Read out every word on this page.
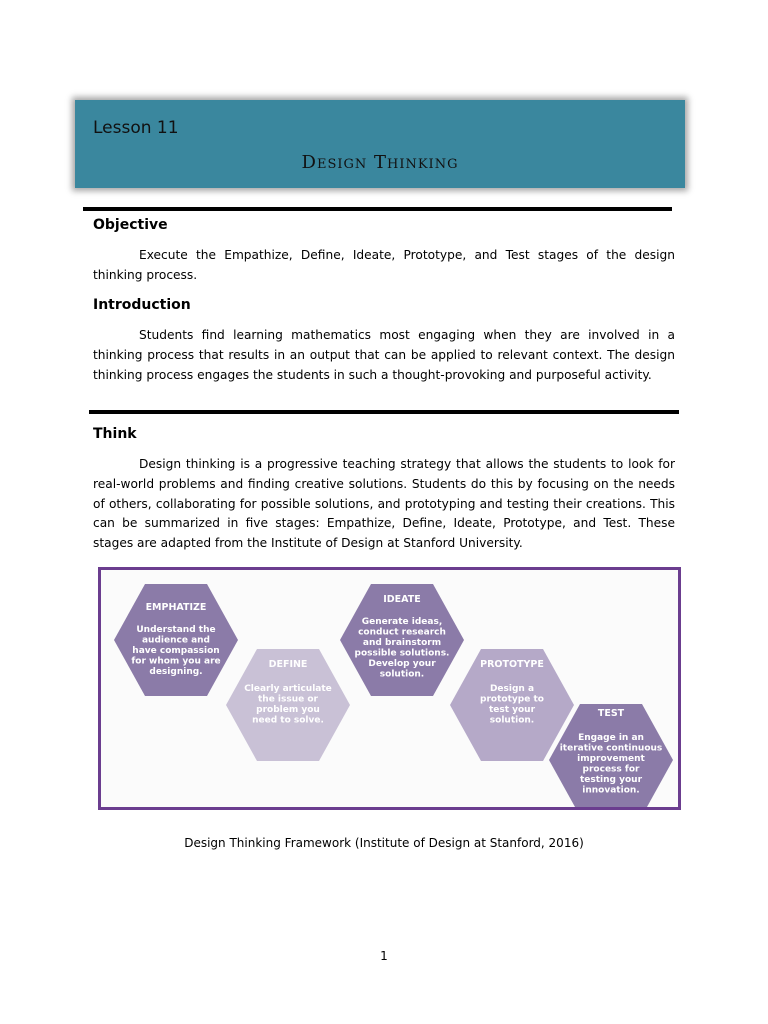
Lesson 11
Design Thinking
Objective
Execute the Empathize, Define, Ideate, Prototype, and Test stages of the design thinking process.
Introduction
Students find learning mathematics most engaging when they are involved in a thinking process that results in an output that can be applied to relevant context. The design thinking process engages the students in such a thought-provoking and purposeful activity.
Think
Design thinking is a progressive teaching strategy that allows the students to look for real-world problems and finding creative solutions. Students do this by focusing on the needs of others, collaborating for possible solutions, and prototyping and testing their creations. This can be summarized in five stages: Empathize, Define, Ideate, Prototype, and Test. These stages are adapted from the Institute of Design at Stanford University.
EMPHATIZE
Understand the
audience and
have compassion
for whom you are
designing.
DEFINE
Clearly articulate
the issue or
problem you
need to solve.
IDEATE
Generate ideas,
conduct research
and brainstorm
possible solutions.
Develop your
solution.
PROTOTYPE
Design a
prototype to
test your
solution.
TEST
Engage in an
iterative continuous
improvement
process for
testing your
innovation.
Design Thinking Framework (Institute of Design at Stanford, 2016)
1
